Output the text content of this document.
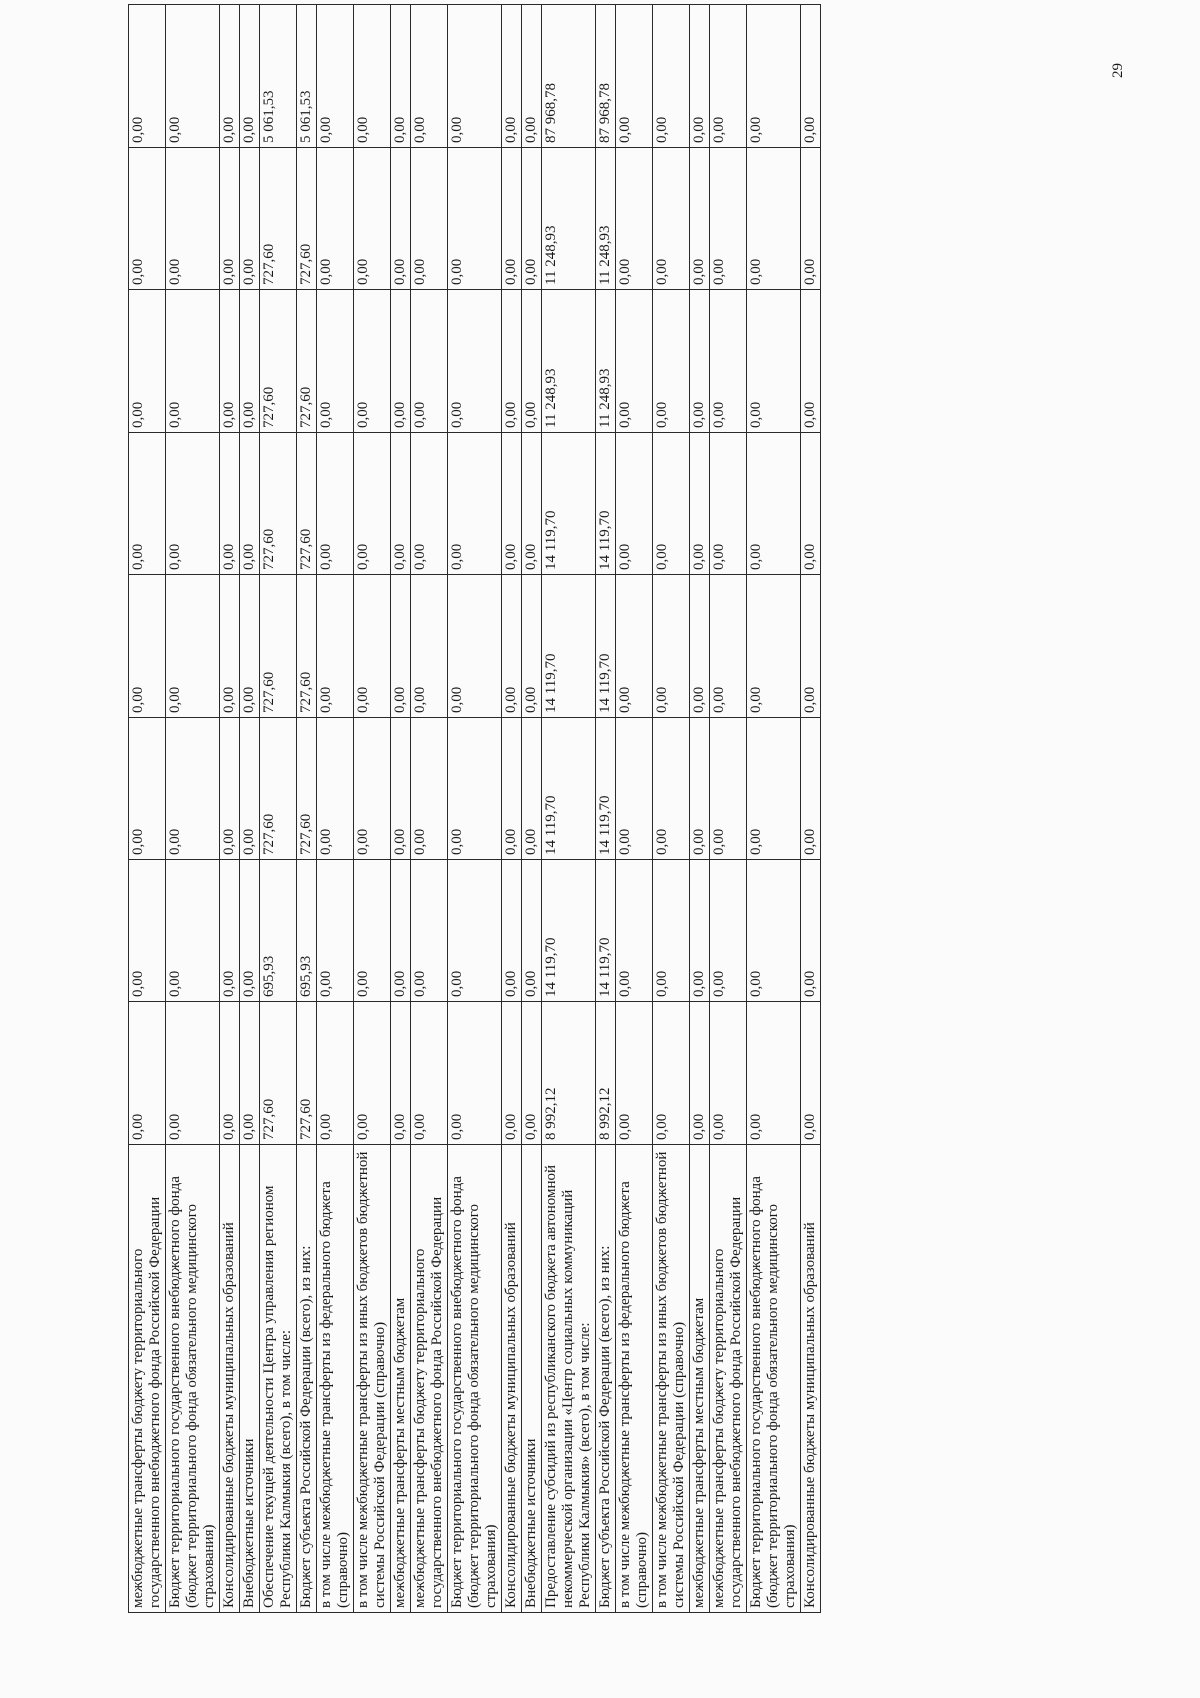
межбюджетные трансферты бюджету территориального государственного внебюджетного фонда Российской Федерации	0,00	0,00	0,00	0,00	0,00	0,00	0,00	0,00
Бюджет территориального государственного внебюджетного фонда (бюджет территориального фонда обязательного медицинского страхования)	0,00	0,00	0,00	0,00	0,00	0,00	0,00	0,00
Консолидированные бюджеты муниципальных образований	0,00	0,00	0,00	0,00	0,00	0,00	0,00	0,00
Внебюджетные источники	0,00	0,00	0,00	0,00	0,00	0,00	0,00	0,00
Обеспечение текущей деятельности Центра управления регионом Республики Калмыкия (всего), в том числе:	727,60	695,93	727,60	727,60	727,60	727,60	727,60	5 061,53
Бюджет субъекта Российской Федерации (всего), из них:	727,60	695,93	727,60	727,60	727,60	727,60	727,60	5 061,53
в том числе межбюджетные трансферты из федерального бюджета (справочно)	0,00	0,00	0,00	0,00	0,00	0,00	0,00	0,00
в том числе межбюджетные трансферты из иных бюджетов бюджетной системы Российской Федерации (справочно)	0,00	0,00	0,00	0,00	0,00	0,00	0,00	0,00
межбюджетные трансферты местным бюджетам	0,00	0,00	0,00	0,00	0,00	0,00	0,00	0,00
межбюджетные трансферты бюджету территориального государственного внебюджетного фонда Российской Федерации	0,00	0,00	0,00	0,00	0,00	0,00	0,00	0,00
Бюджет территориального государственного внебюджетного фонда (бюджет территориального фонда обязательного медицинского страхования)	0,00	0,00	0,00	0,00	0,00	0,00	0,00	0,00
Консолидированные бюджеты муниципальных образований	0,00	0,00	0,00	0,00	0,00	0,00	0,00	0,00
Внебюджетные источники	0,00	0,00	0,00	0,00	0,00	0,00	0,00	0,00
Предоставление субсидий из республиканского бюджета автономной некоммерческой организации «Центр социальных коммуникаций Республики Калмыкия» (всего), в том числе:	8 992,12	14 119,70	14 119,70	14 119,70	14 119,70	11 248,93	11 248,93	87 968,78
Бюджет субъекта Российской Федерации (всего), из них:	8 992,12	14 119,70	14 119,70	14 119,70	14 119,70	11 248,93	11 248,93	87 968,78
в том числе межбюджетные трансферты из федерального бюджета (справочно)	0,00	0,00	0,00	0,00	0,00	0,00	0,00	0,00
в том числе межбюджетные трансферты из иных бюджетов бюджетной системы Российской Федерации (справочно)	0,00	0,00	0,00	0,00	0,00	0,00	0,00	0,00
межбюджетные трансферты местным бюджетам	0,00	0,00	0,00	0,00	0,00	0,00	0,00	0,00
межбюджетные трансферты бюджету территориального государственного внебюджетного фонда Российской Федерации	0,00	0,00	0,00	0,00	0,00	0,00	0,00	0,00
Бюджет территориального государственного внебюджетного фонда (бюджет территориального фонда обязательного медицинского страхования)	0,00	0,00	0,00	0,00	0,00	0,00	0,00	0,00
Консолидированные бюджеты муниципальных образований	0,00	0,00	0,00	0,00	0,00	0,00	0,00	0,00
29
